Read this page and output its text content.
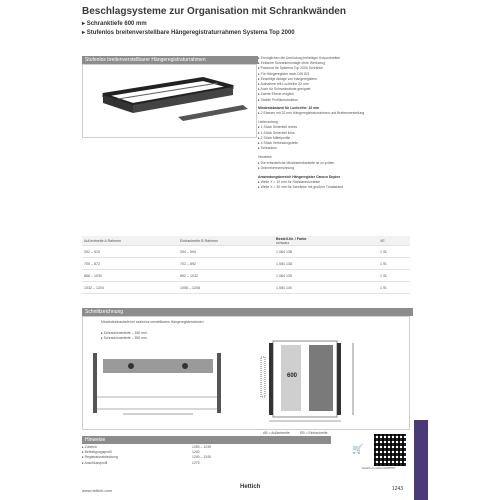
Beschlagsysteme zur Organisation mit Schrankwänden
▸ Schranktiefe 600 mm
▸ Stufenlos breitenverstellbare Hängeregistraturrahmen Systema Top 2000
Stufenlos breitenverstellbarer Hängeregistraturrahmen	▸ Ermöglichen die Umrüstung beliebiger Korpusbreiten
▸ Einfache Schrankmontage ohne Werkzeug
▸ Passend für Systema Top 2000 Schränke
▸ Für Hängeregister nach DIN 821
▸ Einseitige Ablage von Hängeregistern
▸ Aufnahme mit Lochreihe 32 mm
▸ Auch für Schrankwände geeignet
▸ Zweite Ebene möglich
▸ Stabile Profilkonstruktion
Mindestabstand für Lochreihe: 32 mm
▸ 2 Ebenen mit 32 mm Hängeregistraturrahmen und Breitenverstellung
Lieferumfang
▸ 1 Stück Seitenteil rechts
▸ 1 Stück Seitenteil links
▸ 2 Stück Mittelprofile
▸ 4 Stück Verbindungsteile
▸ Schrauben
Hinweise
▸ Die erforderliche Mindesteinbautiefe ist zu prüfen
▸ Ordnerkennzeichnung
Anwendungsbereich Hängeregister Canoro Duplex
▸ Weite X = 10 mm für Standardschränke
▸ Weite X = 30 mm für Schränke mit großem Türabstand
Außenbreite A Rahmen	Einbaubreite B Rahmen	Bestell-Nr. / Farbe
schwarz	VE
392 – 510	394 – 594	1 084 138	1 St.
700 – 872	702 – 892	1 084 138	1 St.
868 – 1030	892 – 1032	1 084 139	1 St.
1032 – 1204	1056 – 1208	1 084 140	1 St.
Schnittzeichnung
Mindesteinbautiefe bei stufenlos verstellbaren Hängeregisterrahmen
▸ Schrankinnentiefe – 530 mm
▸ Schrankinnentiefe – 550 mm
600
AB = Außenbreite	EB = Einbaubreite
Hinweise
▸ Zubehör	1283 – 1235
▸ Befestigungsprofil	1240
▸ Registraturabdeckung	1249 – 1245
▸ Anschlussprofil	1275
🛒
hettich.com/short/cf87f97
www.hettich.com
Hettich	1243
